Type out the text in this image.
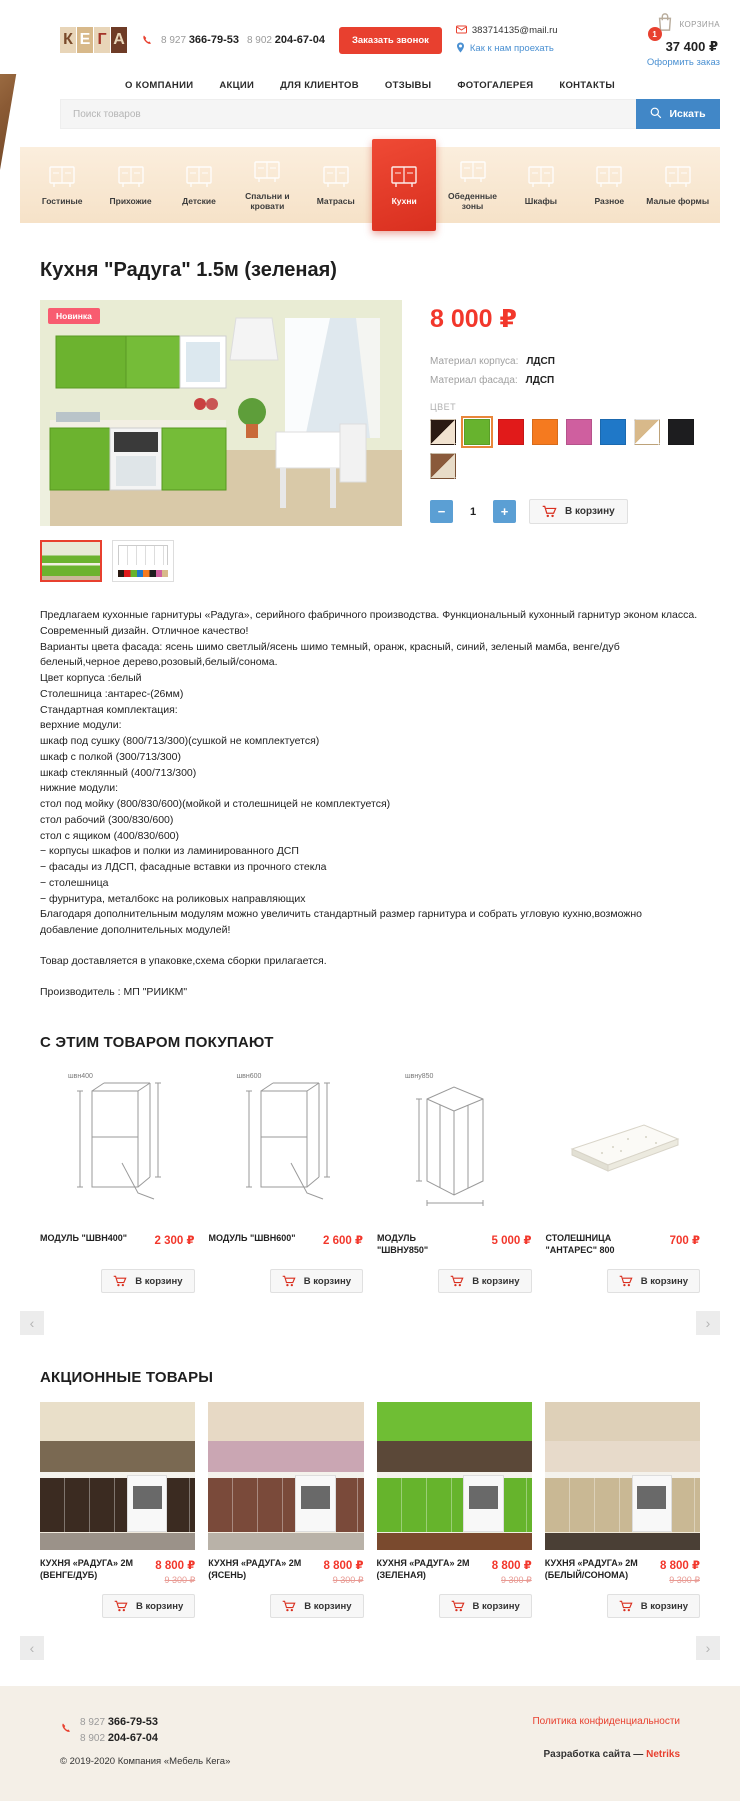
К Е Г А	8 927 366-79-53 8 902 204-67-04	Заказать звонок
383714135@mail.ru
Как к нам проехать
1
КОРЗИНА
37 400 ₽
Оформить заказ
О КОМПАНИИ	АКЦИИ	ДЛЯ КЛИЕНТОВ	ОТЗЫВЫ	ФОТОГАЛЕРЕЯ	КОНТАКТЫ
Поиск товаров
Искать
Гостиные	Прихожие	Детские	Спальни и кровати	Матрасы	Кухни	Обеденные зоны	Шкафы	Разное	Малые формы
Кухня "Радуга" 1.5м (зеленая)
Новинка	8 000 ₽
Материал корпуса: ЛДСП
Материал фасада: ЛДСП
ЦВЕТ
−	1	+	В корзину
Предлагаем кухонные гарнитуры «Радуга», серийного фабричного производства. Функциональный кухонный гарнитур эконом класса. Современный дизайн. Отличное качество!
Варианты цвета фасада: ясень шимо светлый/ясень шимо темный, оранж, красный, синий, зеленый мамба, венге/дуб беленый,черное дерево,розовый,белый/сонома.
Цвет корпуса :белый
Столешница :антарес-(26мм)
Стандартная комплектация:
верхние модули:
шкаф под сушку (800/713/300)(сушкой не комплектуется)
шкаф с полкой (300/713/300)
шкаф стеклянный (400/713/300)
нижние модули:
стол под мойку (800/830/600)(мойкой и столешницей не комплектуется)
стол рабочий (300/830/600)
стол с ящиком (400/830/600)
− корпусы шкафов и полки из ламинированного ДСП
− фасады из ЛДСП, фасадные вставки из прочного стекла
− столешница
− фурнитура, металбокс на роликовых направляющих
Благодаря дополнительным модулям можно увеличить стандартный размер гарнитура и собрать угловую кухню,возможно добавление дополнительных модулей!
Товар доставляется в упаковке,схема сборки прилагается.
Производитель : МП "РИИКМ"
С ЭТИМ ТОВАРОМ ПОКУПАЮТ
швн400
МОДУЛЬ "ШВН400" 2 300 ₽
В корзину
швн600
МОДУЛЬ "ШВН600" 2 600 ₽
В корзину
швну850
МОДУЛЬ "ШВНУ850"
5 000 ₽
В корзину
СТОЛЕШНИЦА "АНТАРЕС" 800
700 ₽
В корзину
‹	›
АКЦИОННЫЕ ТОВАРЫ
КУХНЯ «РАДУГА» 2М
(ВЕНГЕ/ДУБ)
8 800 ₽
9 300 ₽
В корзину
КУХНЯ «РАДУГА» 2М
(ЯСЕНЬ)
8 800 ₽
9 300 ₽
В корзину
КУХНЯ «РАДУГА» 2М
(ЗЕЛЕНАЯ)
8 800 ₽
9 300 ₽
В корзину
КУХНЯ «РАДУГА» 2М
(БЕЛЫЙ/СОНОМА)
8 800 ₽
9 300 ₽
В корзину
‹	›
8 927 366-79-53
8 902 204-67-04
© 2019-2020 Компания «Мебель Кега»
Политика конфиденциальности
Разработка сайта — Netriks
